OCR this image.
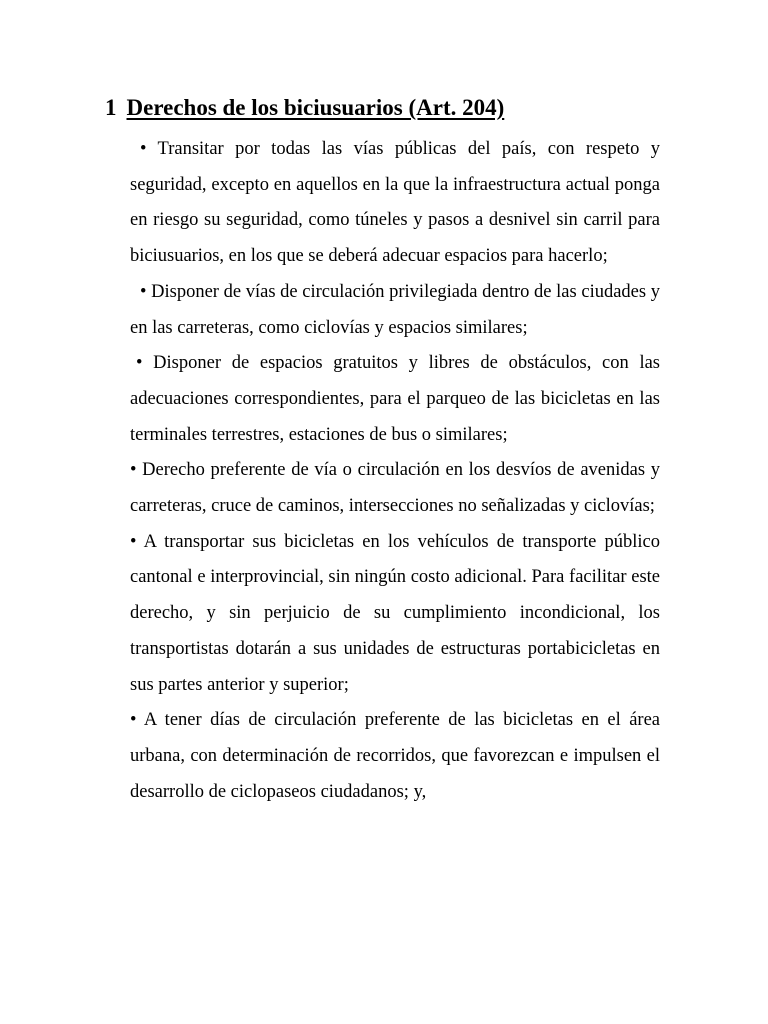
1 Derechos de los biciusuarios (Art. 204)

• Transitar por todas las vías públicas del país, con respeto y seguridad, excepto en aquellos en la que la infraestructura actual ponga en riesgo su seguridad, como túneles y pasos a desnivel sin carril para biciusuarios, en los que se deberá adecuar espacios para hacerlo;

• Disponer de vías de circulación privilegiada dentro de las ciudades y en las carreteras, como ciclovías y espacios similares;

• Disponer de espacios gratuitos y libres de obstáculos, con las adecuaciones correspondientes, para el parqueo de las bicicletas en las terminales terrestres, estaciones de bus o similares;

• Derecho preferente de vía o circulación en los desvíos de avenidas y carreteras, cruce de caminos, intersecciones no señalizadas y ciclovías;

• A transportar sus bicicletas en los vehículos de transporte público cantonal e interprovincial, sin ningún costo adicional. Para facilitar este derecho, y sin perjuicio de su cumplimiento incondicional, los transportistas dotarán a sus unidades de estructuras portabicicletas en sus partes anterior y superior;

• A tener días de circulación preferente de las bicicletas en el área urbana, con determinación de recorridos, que favorezcan e impulsen el desarrollo de ciclopaseos ciudadanos; y,
